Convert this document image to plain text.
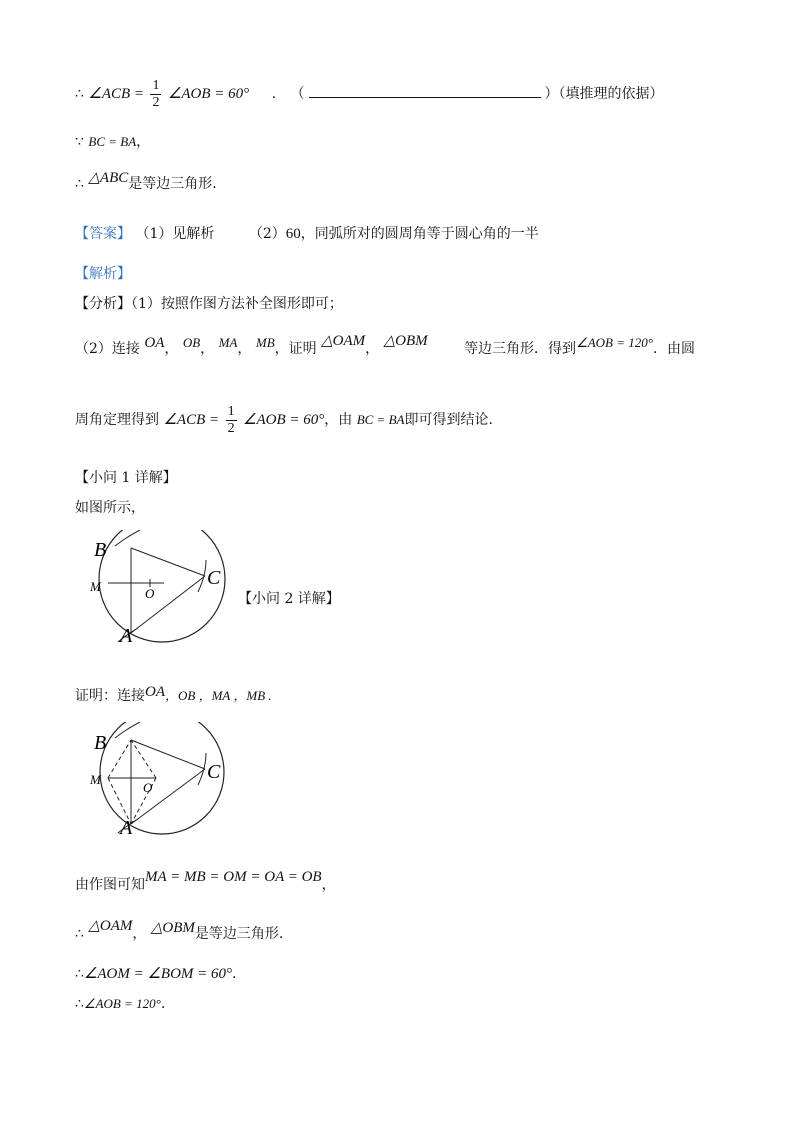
∴ ∠ACB = $\frac{1}{2}$ ∠AOB = 60° . （	）（填推理的依据）
∵ BC = BA，
∴ △ABC是等边三角形.
【答案】 （1）见解析 （2）60，同弧所对的圆周角等于圆心角的一半
【解析】
【分析】（1）按照作图方法补全图形即可；
（2）连接 OA， OB， MA， MB，证明 △OAM， △OBM	等边三角形．得到∠AOB = 120°．由圆
周角定理得到 ∠ACB = $\frac{1}{2}$ ∠AOB = 60°，由 BC = BA即可得到结论.
【小问 1 详解】
如图所示，
B
C
M	O
A
【小问 2 详解】
证明：连接OA，OB ，MA ，MB .
B
C
M
O
A
由作图可知MA = MB = OM = OA = OB，
∴ △OAM， △OBM是等边三角形.
∴∠AOM = ∠BOM = 60°.
∴∠AOB = 120°.
